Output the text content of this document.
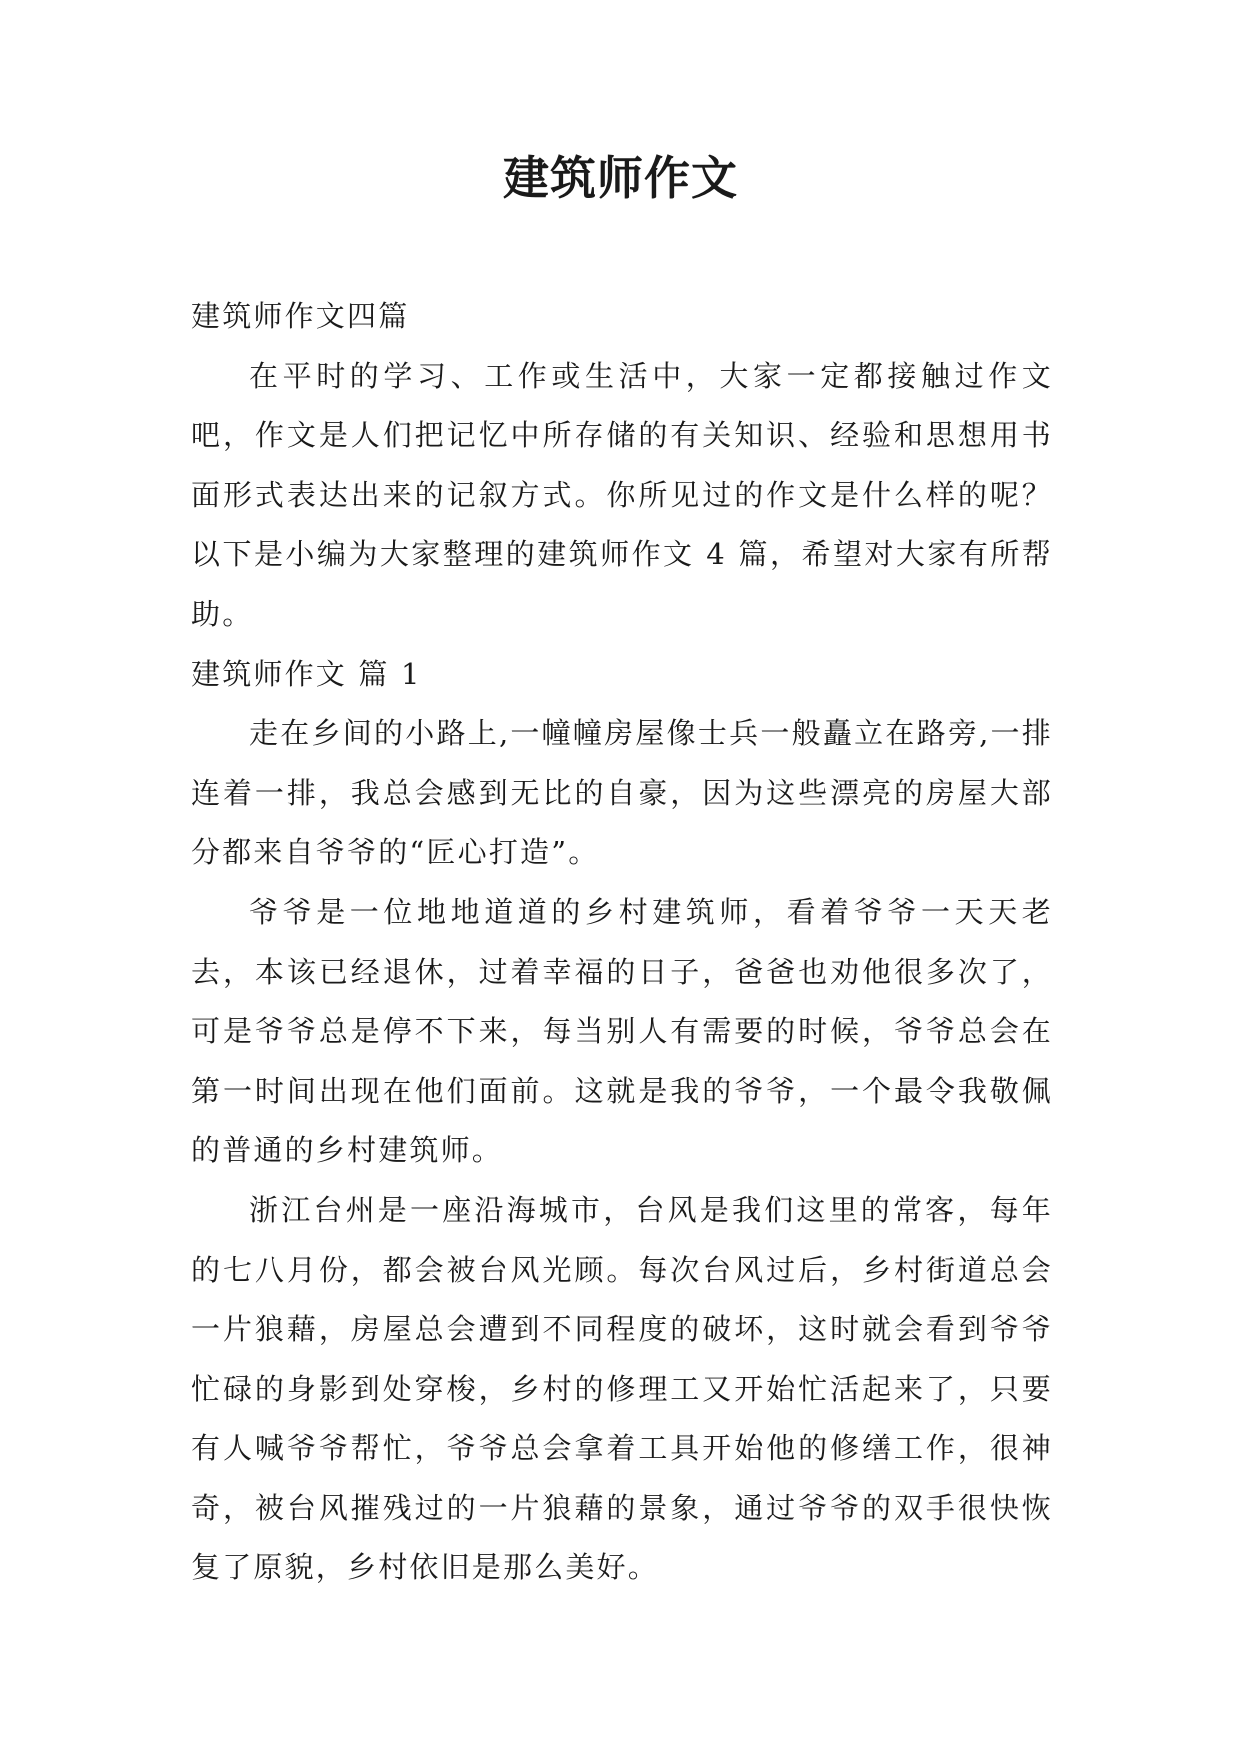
建筑师作文

建筑师作文四篇

在平时的学习、工作或生活中，大家一定都接触过作文吧，作文是人们把记忆中所存储的有关知识、经验和思想用书面形式表达出来的记叙方式。你所见过的作文是什么样的呢？以下是小编为大家整理的建筑师作文 4 篇，希望对大家有所帮助。

建筑师作文 篇 1

走在乡间的小路上,一幢幢房屋像士兵一般矗立在路旁,一排连着一排，我总会感到无比的自豪，因为这些漂亮的房屋大部分都来自爷爷的“匠心打造”。

爷爷是一位地地道道的乡村建筑师，看着爷爷一天天老去，本该已经退休，过着幸福的日子，爸爸也劝他很多次了，可是爷爷总是停不下来，每当别人有需要的时候，爷爷总会在第一时间出现在他们面前。这就是我的爷爷，一个最令我敬佩的普通的乡村建筑师。

浙江台州是一座沿海城市，台风是我们这里的常客，每年的七八月份，都会被台风光顾。每次台风过后，乡村街道总会一片狼藉，房屋总会遭到不同程度的破坏，这时就会看到爷爷忙碌的身影到处穿梭，乡村的修理工又开始忙活起来了，只要有人喊爷爷帮忙，爷爷总会拿着工具开始他的修缮工作，很神奇，被台风摧残过的一片狼藉的景象，通过爷爷的双手很快恢复了原貌，乡村依旧是那么美好。
